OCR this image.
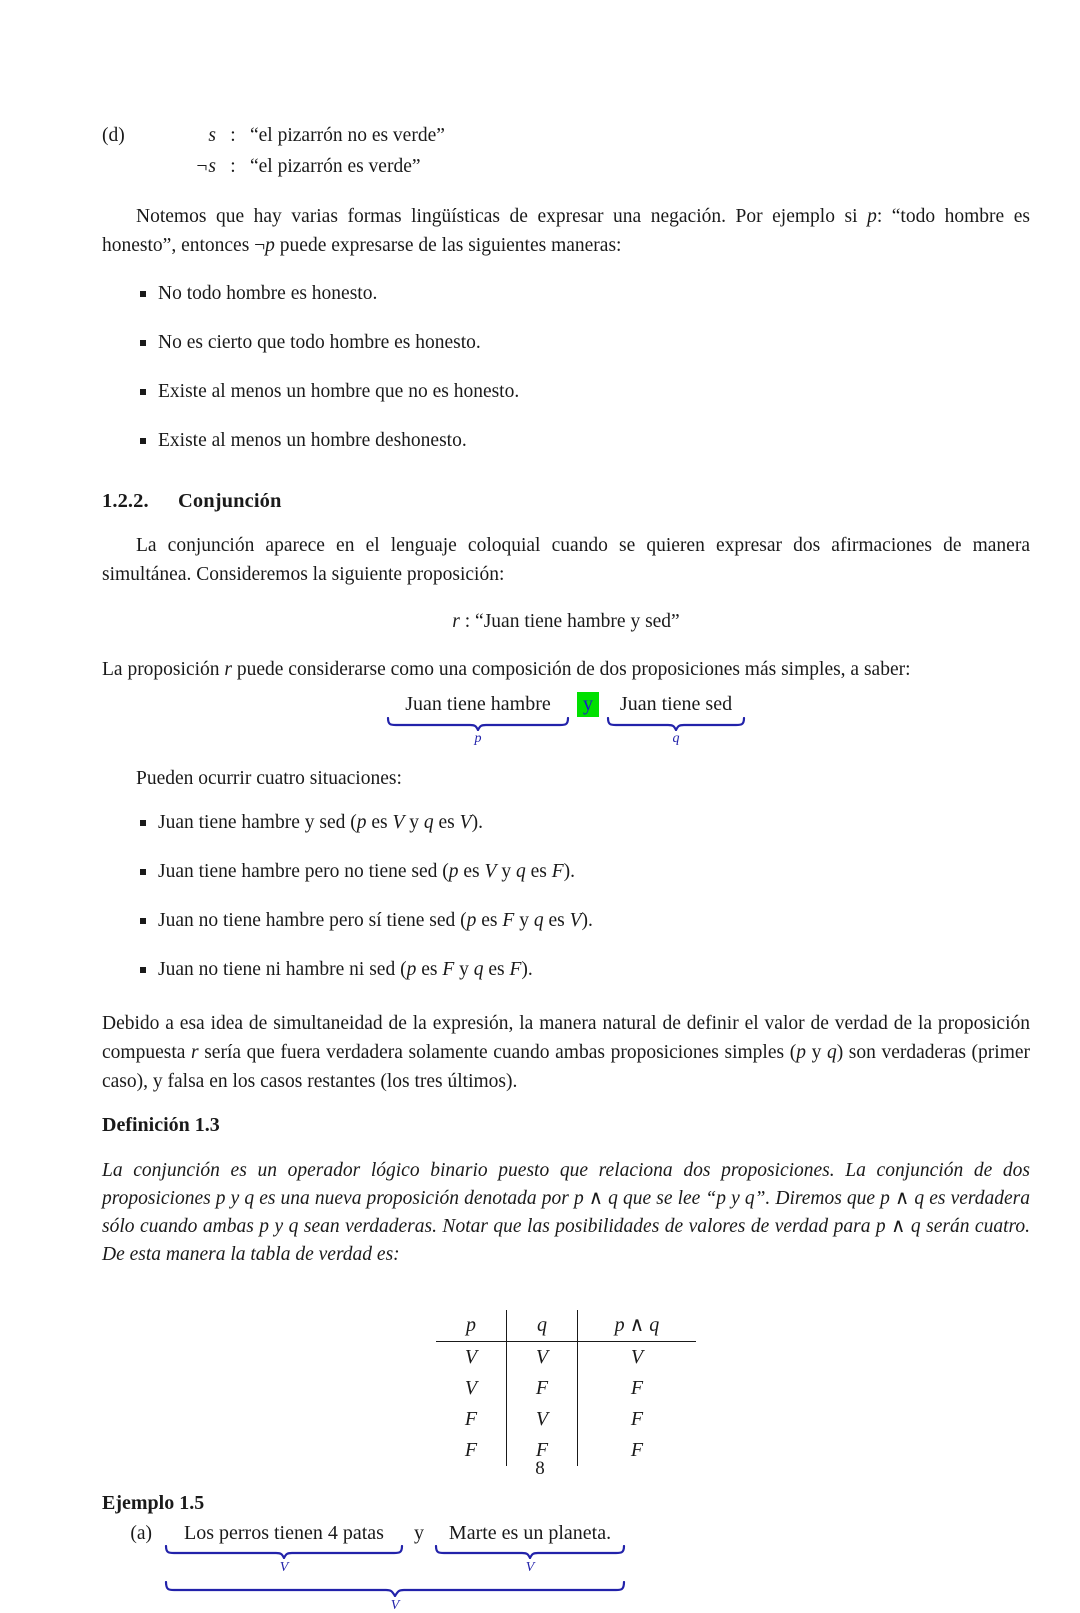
(d)	s : “el pizarrón no es verde”
¬s : “el pizarrón es verde”

Notemos que hay varias formas lingüísticas de expresar una negación. Por ejemplo si p: “todo hombre es honesto”, entonces ¬p puede expresarse de las siguientes maneras:

No todo hombre es honesto.
No es cierto que todo hombre es honesto.
Existe al menos un hombre que no es honesto.
Existe al menos un hombre deshonesto.
1.2.2. Conjunción

La conjunción aparece en el lenguaje coloquial cuando se quieren expresar dos afirmaciones de manera simultánea. Consideremos la siguiente proposición:

r : “Juan tiene hambre y sed”

La proposición r puede considerarse como una composición de dos proposiciones más simples, a saber:

Juan tiene hambre
p
y	Juan tiene sed
q

Pueden ocurrir cuatro situaciones:

Juan tiene hambre y sed (p es V y q es V).
Juan tiene hambre pero no tiene sed (p es V y q es F).
Juan no tiene hambre pero sí tiene sed (p es F y q es V).
Juan no tiene ni hambre ni sed (p es F y q es F).

Debido a esa idea de simultaneidad de la expresión, la manera natural de definir el valor de verdad de la proposición compuesta r sería que fuera verdadera solamente cuando ambas proposiciones simples (p y q) son verdaderas (primer caso), y falsa en los casos restantes (los tres últimos).

Definición 1.3

La conjunción es un operador lógico binario puesto que relaciona dos proposiciones. La conjunción de dos proposiciones p y q es una nueva proposición denotada por p ∧ q que se lee “p y q”. Diremos que p ∧ q es verdadera sólo cuando ambas p y q sean verdaderas. Notar que las posibilidades de valores de verdad para p ∧ q serán cuatro. De esta manera la tabla de verdad es:

p	q	p ∧ q
V	V	V
V	F	F
F	V	F
F	F	F
Ejemplo 1.5
(a)	Los perros tienen 4 patas
V
y	Marte es un planeta.
V
V
8
